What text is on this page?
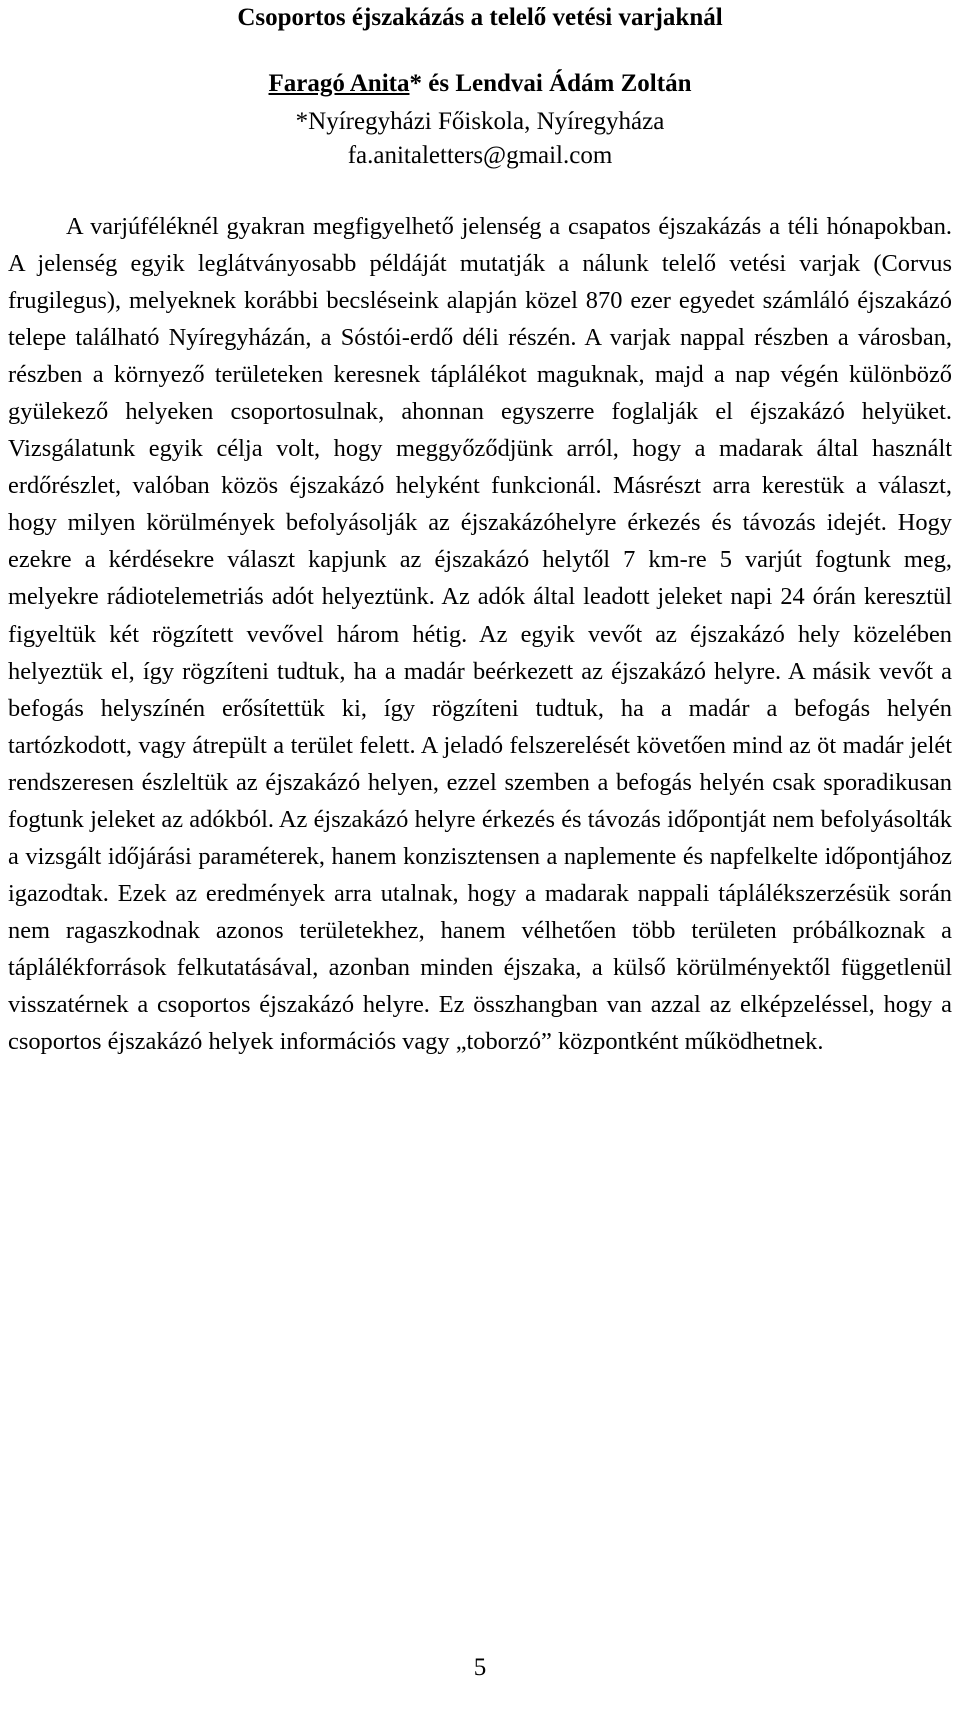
Csoportos éjszakázás a telelő vetési varjaknál

Faragó Anita* és Lendvai Ádám Zoltán

*Nyíregyházi Főiskola, Nyíregyháza

fa.anitaletters@gmail.com

A varjúféléknél gyakran megfigyelhető jelenség a csapatos éjszakázás a téli hónapokban. A jelenség egyik leglátványosabb példáját mutatják a nálunk telelő vetési varjak (Corvus frugilegus), melyeknek korábbi becsléseink alapján közel 870 ezer egyedet számláló éjszakázó telepe található Nyíregyházán, a Sóstói-erdő déli részén. A varjak nappal részben a városban, részben a környező területeken keresnek táplálékot maguknak, majd a nap végén különböző gyülekező helyeken csoportosulnak, ahonnan egyszerre foglalják el éjszakázó helyüket. Vizsgálatunk egyik célja volt, hogy meggyőződjünk arról, hogy a madarak által használt erdőrészlet, valóban közös éjszakázó helyként funkcionál. Másrészt arra kerestük a választ, hogy milyen körülmények befolyásolják az éjszakázóhelyre érkezés és távozás idejét. Hogy ezekre a kérdésekre választ kapjunk az éjszakázó helytől 7 km-re 5 varjút fogtunk meg, melyekre rádiotelemetriás adót helyeztünk. Az adók által leadott jeleket napi 24 órán keresztül figyeltük két rögzített vevővel három hétig. Az egyik vevőt az éjszakázó hely közelében helyeztük el, így rögzíteni tudtuk, ha a madár beérkezett az éjszakázó helyre. A másik vevőt a befogás helyszínén erősítettük ki, így rögzíteni tudtuk, ha a madár a befogás helyén tartózkodott, vagy átrepült a terület felett. A jeladó felszerelését követően mind az öt madár jelét rendszeresen észleltük az éjszakázó helyen, ezzel szemben a befogás helyén csak sporadikusan fogtunk jeleket az adókból. Az éjszakázó helyre érkezés és távozás időpontját nem befolyásolták a vizsgált időjárási paraméterek, hanem konzisztensen a naplemente és napfelkelte időpontjához igazodtak. Ezek az eredmények arra utalnak, hogy a madarak nappali táplálékszerzésük során nem ragaszkodnak azonos területekhez, hanem vélhetően több területen próbálkoznak a táplálékforrások felkutatásával, azonban minden éjszaka, a külső körülményektől függetlenül visszatérnek a csoportos éjszakázó helyre. Ez összhangban van azzal az elképzeléssel, hogy a csoportos éjszakázó helyek információs vagy „toborzó” központként működhetnek.

5
